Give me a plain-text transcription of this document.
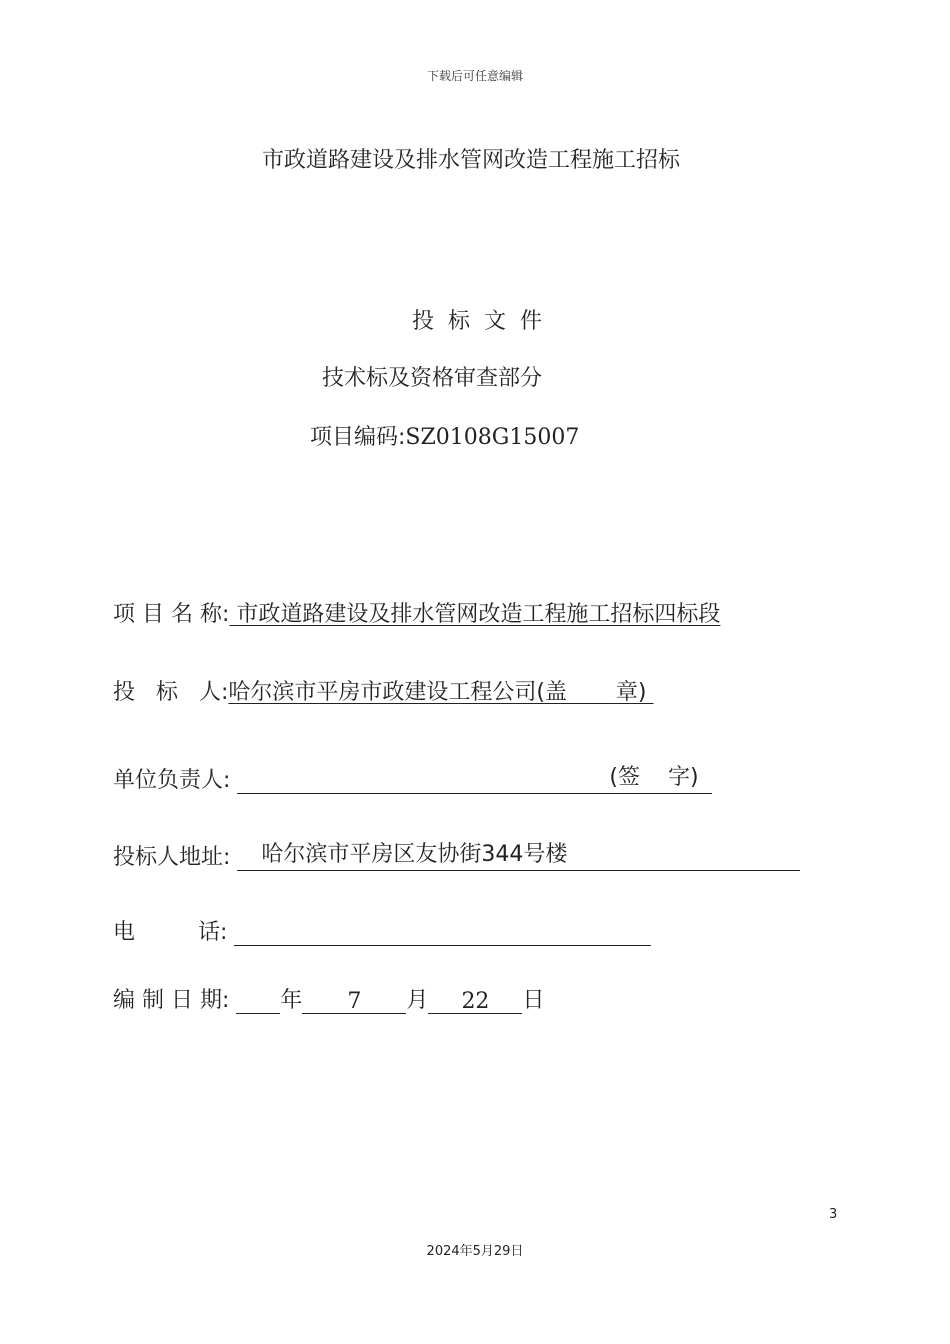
下载后可任意编辑
市政道路建设及排水管网改造工程施工招标
投标文件
技术标及资格审查部分
项目编码:SZ0108G15007
项 目 名 称: 市政道路建设及排水管网改造工程施工招标四标段
投   标   人:哈尔滨市平房市政建设工程公司(盖 章)
单位负责人:	(签 字)
投标人地址: 哈尔滨市平房区友协街344号楼
电         话:
编 制 日 期: 年 7 月 22 日
3
2024年5月29日
